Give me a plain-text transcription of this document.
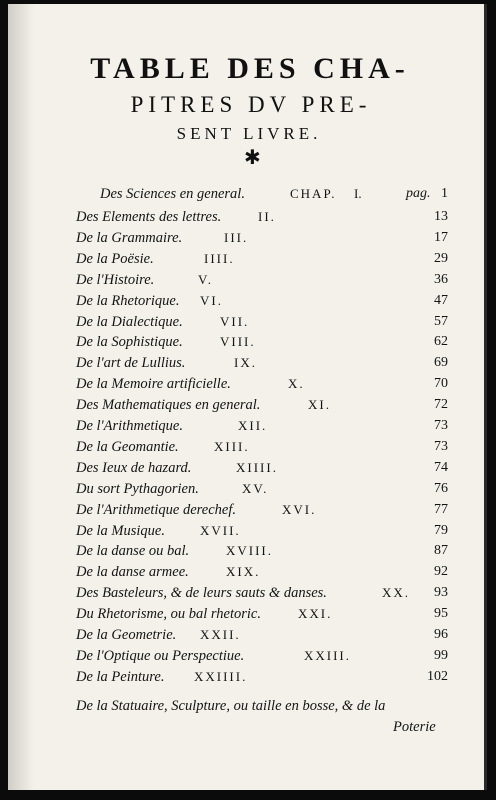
TABLE DES CHA-
PITRES DV PRE-
SENT LIVRE.
✱
Des Sciences en general.	CHAP. I.	pag. 1
Des Elements des lettres.	II.	13
De la Grammaire.	III.	17
De la Poësie.	IIII.	29
De l'Histoire.	V.	36
De la Rhetorique. VI.	47
De la Dialectique.	VII.	57
De la Sophistique.	VIII.	62
De l'art de Lullius.	IX.	69
De la Memoire artificielle.	X.	70
Des Mathematiques en general.	XI.	72
De l'Arithmetique.	XII.	73
De la Geomantie.	XIII.	73
Des Ieux de hazard.	XIIII.	74
Du sort Pythagorien.	XV.	76
De l'Arithmetique derechef.	XVI.	77
De la Musique.	XVII.	79
De la danse ou bal.	XVIII.	87
De la danse armee.	XIX.	92
Des Basteleurs, & de leurs sauts & danses.	XX. 93
Du Rhetorisme, ou bal rhetoric.	XXI.	95
De la Geometrie. XXII.	96
De l'Optique ou Perspectiue.	XXIII.	99
De la Peinture. XXIIII.	102
De la Statuaire, Sculpture, ou taille en bosse, & de la
Poterie
